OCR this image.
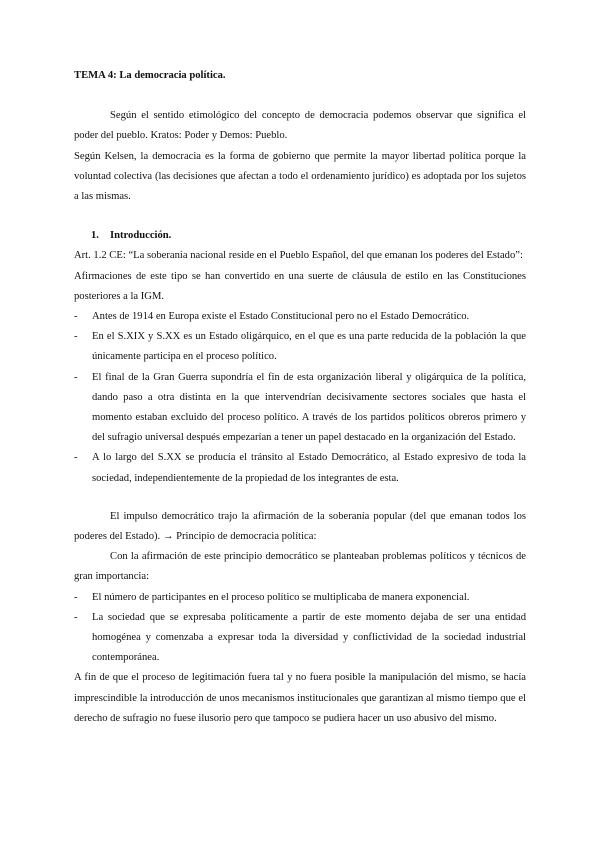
TEMA 4: La democracia política.

Según el sentido etimológico del concepto de democracia podemos observar que significa el poder del pueblo. Kratos: Poder y Demos: Pueblo.

Según Kelsen, la democracia es la forma de gobierno que permite la mayor libertad política porque la voluntad colectiva (las decisiones que afectan a todo el ordenamiento jurídico) es adoptada por los sujetos a las mismas.

1. Introducción.

Art. 1.2 CE: “La soberanía nacional reside en el Pueblo Español, del que emanan los poderes del Estado”:

Afirmaciones de este tipo se han convertido en una suerte de cláusula de estilo en las Constituciones posteriores a la IGM.

- Antes de 1914 en Europa existe el Estado Constitucional pero no el Estado Democrático.
- En el S.XIX y S.XX es un Estado oligárquico, en el que es una parte reducida de la población la que únicamente participa en el proceso político.
- El final de la Gran Guerra supondría el fin de esta organización liberal y oligárquica de la política, dando paso a otra distinta en la que intervendrían decisivamente sectores sociales que hasta el momento estaban excluido del proceso político. A través de los partidos políticos obreros primero y del sufragio universal después empezarían a tener un papel destacado en la organización del Estado.
- A lo largo del S.XX se producía el tránsito al Estado Democrático, al Estado expresivo de toda la sociedad, independientemente de la propiedad de los integrantes de esta.

El impulso democrático trajo la afirmación de la soberanía popular (del que emanan todos los poderes del Estado). → Principio de democracia política:

Con la afirmación de este principio democrático se planteaban problemas políticos y técnicos de gran importancia:

- El número de participantes en el proceso político se multiplicaba de manera exponencial.
- La sociedad que se expresaba políticamente a partir de este momento dejaba de ser una entidad homogénea y comenzaba a expresar toda la diversidad y conflictividad de la sociedad industrial contemporánea.

A fin de que el proceso de legitimación fuera tal y no fuera posible la manipulación del mismo, se hacía imprescindible la introducción de unos mecanismos institucionales que garantizan al mismo tiempo que el derecho de sufragio no fuese ilusorio pero que tampoco se pudiera hacer un uso abusivo del mismo.
